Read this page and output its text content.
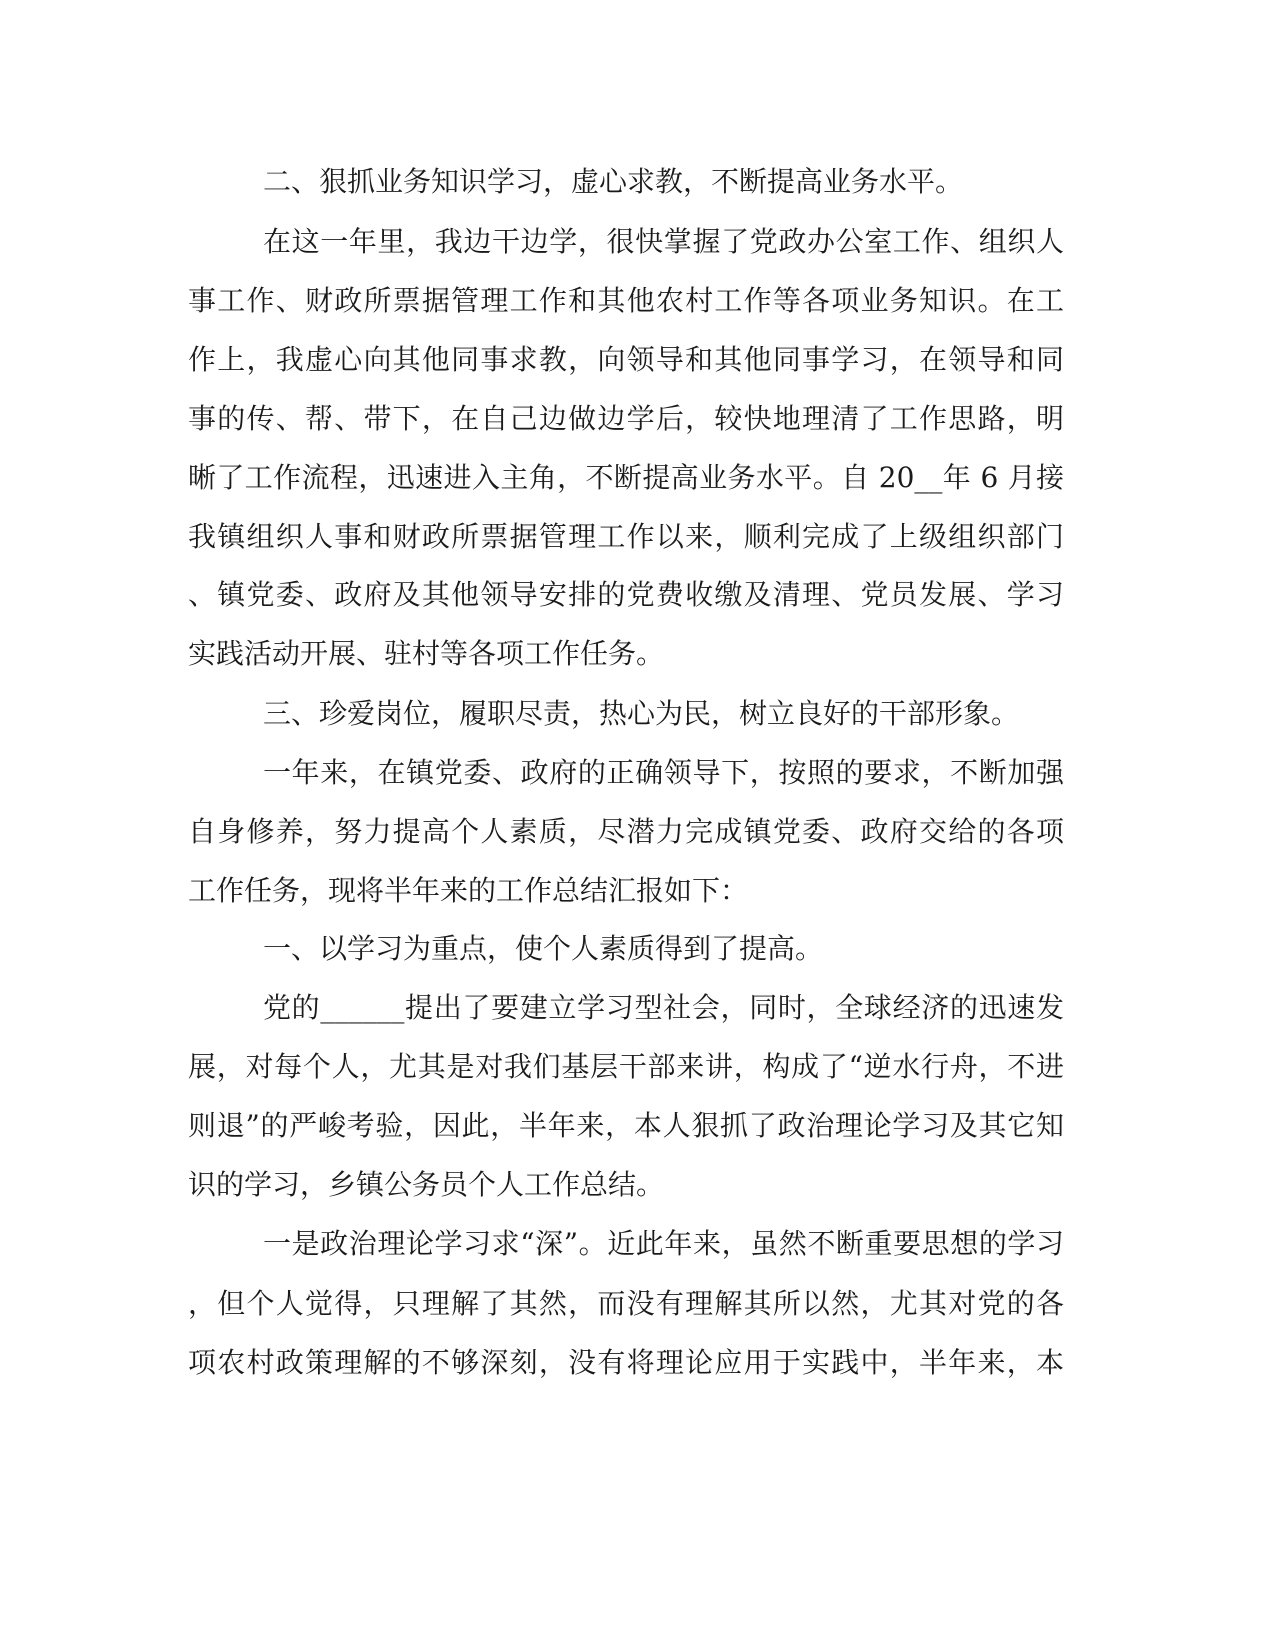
二、狠抓业务知识学习，虚心求教，不断提高业务水平。

在这一年里，我边干边学，很快掌握了党政办公室工作、组织人

事工作、财政所票据管理工作和其他农村工作等各项业务知识。在工

作上，我虚心向其他同事求教，向领导和其他同事学习，在领导和同

事的传、帮、带下，在自己边做边学后，较快地理清了工作思路，明

晰了工作流程，迅速进入主角，不断提高业务水平。自 20__年 6 月接

我镇组织人事和财政所票据管理工作以来，顺利完成了上级组织部门

、镇党委、政府及其他领导安排的党费收缴及清理、党员发展、学习

实践活动开展、驻村等各项工作任务。

三、珍爱岗位，履职尽责，热心为民，树立良好的干部形象。

一年来，在镇党委、政府的正确领导下，按照的要求，不断加强

自身修养，努力提高个人素质，尽潜力完成镇党委、政府交给的各项

工作任务，现将半年来的工作总结汇报如下：

一、以学习为重点，使个人素质得到了提高。

党的______提出了要建立学习型社会，同时，全球经济的迅速发

展，对每个人，尤其是对我们基层干部来讲，构成了“逆水行舟，不进

则退”的严峻考验，因此，半年来，本人狠抓了政治理论学习及其它知

识的学习，乡镇公务员个人工作总结。

一是政治理论学习求“深”。近此年来，虽然不断重要思想的学习

，但个人觉得，只理解了其然，而没有理解其所以然，尤其对党的各

项农村政策理解的不够深刻，没有将理论应用于实践中，半年来，本
